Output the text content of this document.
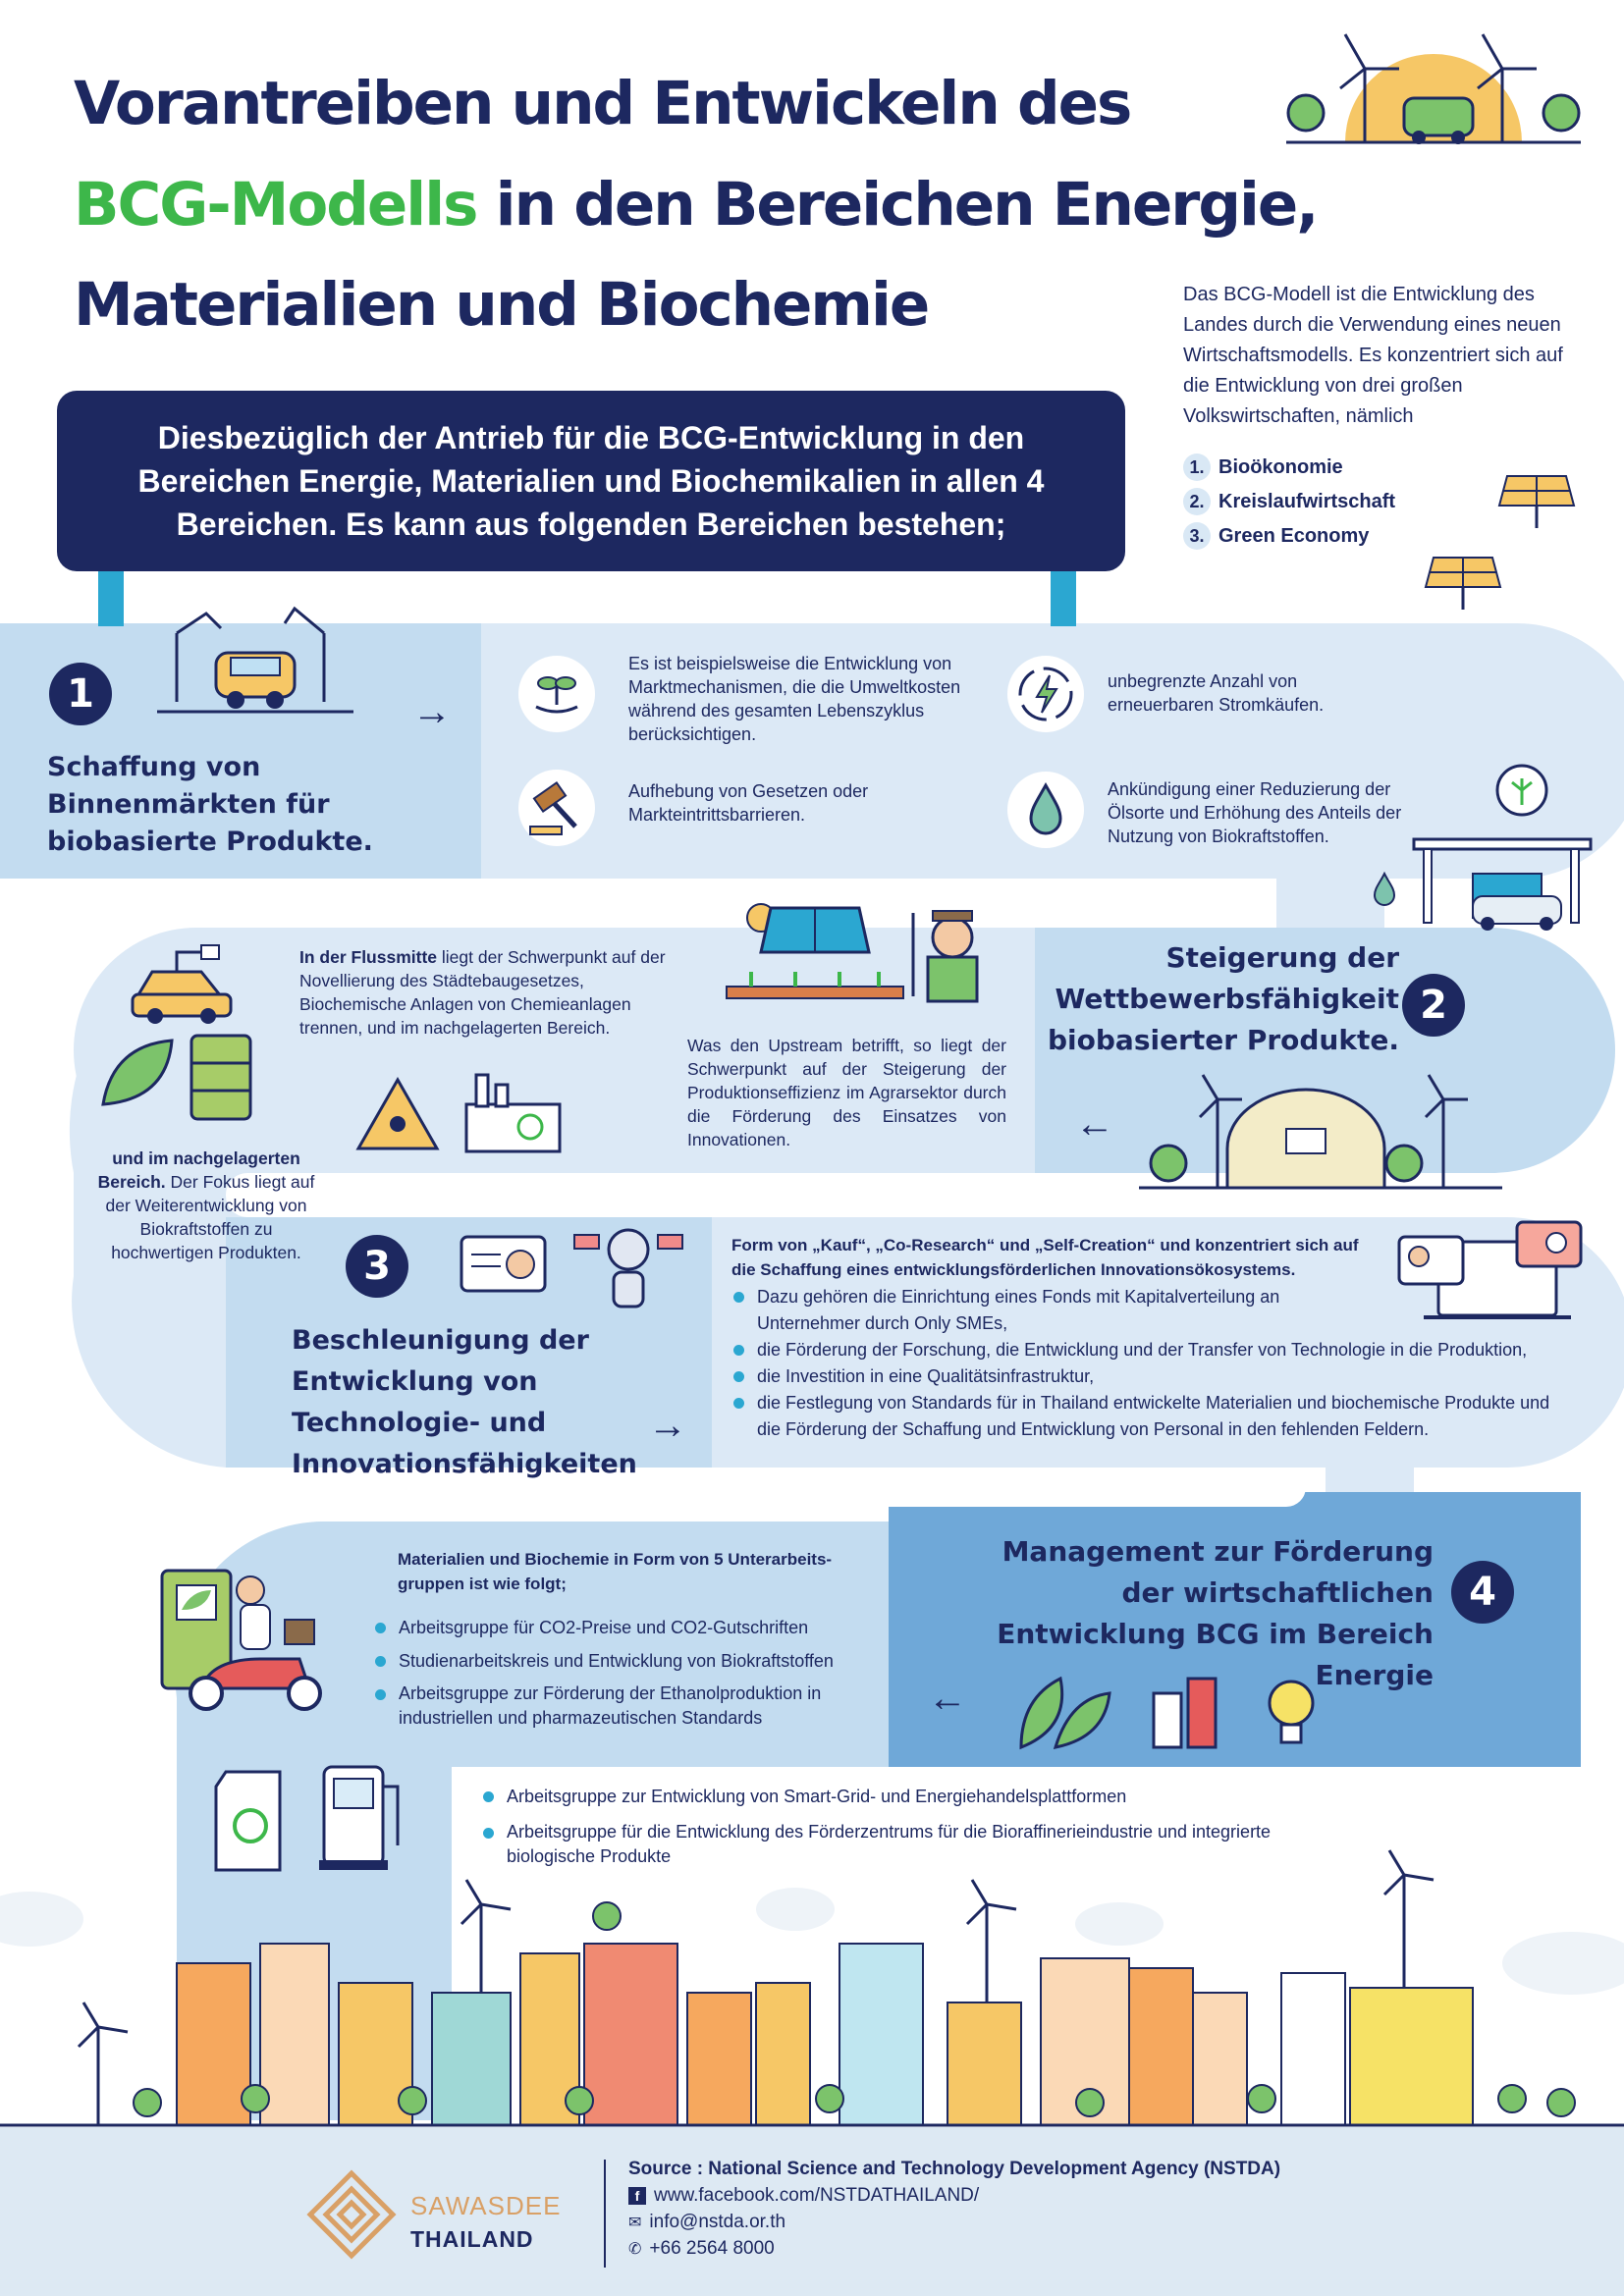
Vorantreiben und Entwickeln des
BCG-Modells in den Bereichen Energie,
Materialien und Biochemie	Das BCG-Modell ist die Entwicklung des Landes durch die Verwendung eines neuen Wirtschaftsmodells. Es konzentriert sich auf die Entwicklung von drei großen Volkswirtschaften, nämlich
1. Bioökonomie
2. Kreislaufwirtschaft
3. Green Economy
Diesbezüglich der Antrieb für die BCG-Entwicklung in den Bereichen Energie, Materialien und Biochemikalien in allen 4 Bereichen. Es kann aus folgenden Bereichen bestehen;
1
Schaffung von Binnenmärkten für biobasierte Produkte.
→
Es ist beispielsweise die Entwicklung von Marktmechanismen, die die Umweltkosten während des gesamten Lebenszyklus berücksichtigen.
unbegrenzte Anzahl von erneuerbaren Stromkäufen.
Aufhebung von Gesetzen oder Markteintrittsbarrieren.
Ankündigung einer Reduzierung der Ölsorte und Erhöhung des Anteils der Nutzung von Biokraftstoffen.
In der Flussmitte liegt der Schwerpunkt auf der Novellierung des Städtebaugesetzes, Biochemische Anlagen von Chemieanlagen trennen, und im nachgelagerten Bereich.
und im nachgelagerten Bereich. Der Fokus liegt auf der Weiterentwicklung von Biokraftstoffen zu hochwertigen Produkten.
Was den Upstream betrifft, so liegt der Schwerpunkt auf der Steigerung der Produktionseffizienz im Agrarsektor durch die Förderung des Einsatzes von Innovationen.
Steigerung der Wettbewerbsfähigkeit biobasierter Produkte.
2
←
3
Beschleunigung der Entwicklung von Technologie- und Innovationsfähigkeiten
→
Form von „Kauf“, „Co-Research“ und „Self-Creation“ und konzentriert sich auf die Schaffung eines entwicklungsförderlichen Innovationsökosystems.
Dazu gehören die Einrichtung eines Fonds mit Kapitalverteilung an Unternehmer durch Only SMEs,
die Förderung der Forschung, die Entwicklung und der Transfer von Technologie in die Produktion,
die Investition in eine Qualitätsinfrastruktur,
die Festlegung von Standards für in Thailand entwickelte Materialien und biochemische Produkte und die Förderung der Schaffung und Entwicklung von Personal in den fehlenden Feldern.
Materialien und Biochemie in Form von 5 Unterarbeits-gruppen ist wie folgt;
Arbeitsgruppe für CO2-Preise und CO2-Gutschriften
Studienarbeitskreis und Entwicklung von Biokraftstoffen
Arbeitsgruppe zur Förderung der Ethanolproduktion in industriellen und pharmazeutischen Standards
Management zur Förderung der wirtschaftlichen Entwicklung BCG im Bereich Energie
4
←
Arbeitsgruppe zur Entwicklung von Smart-Grid- und Energiehandelsplattformen
Arbeitsgruppe für die Entwicklung des Förderzentrums für die Bioraffinerieindustrie und integrierte biologische Produkte
SAWASDEE
THAILAND
Source : National Science and Technology Development Agency (NSTDA)
f www.facebook.com/NSTDATHAILAND/
✉ info@nstda.or.th
✆ +66 2564 8000
